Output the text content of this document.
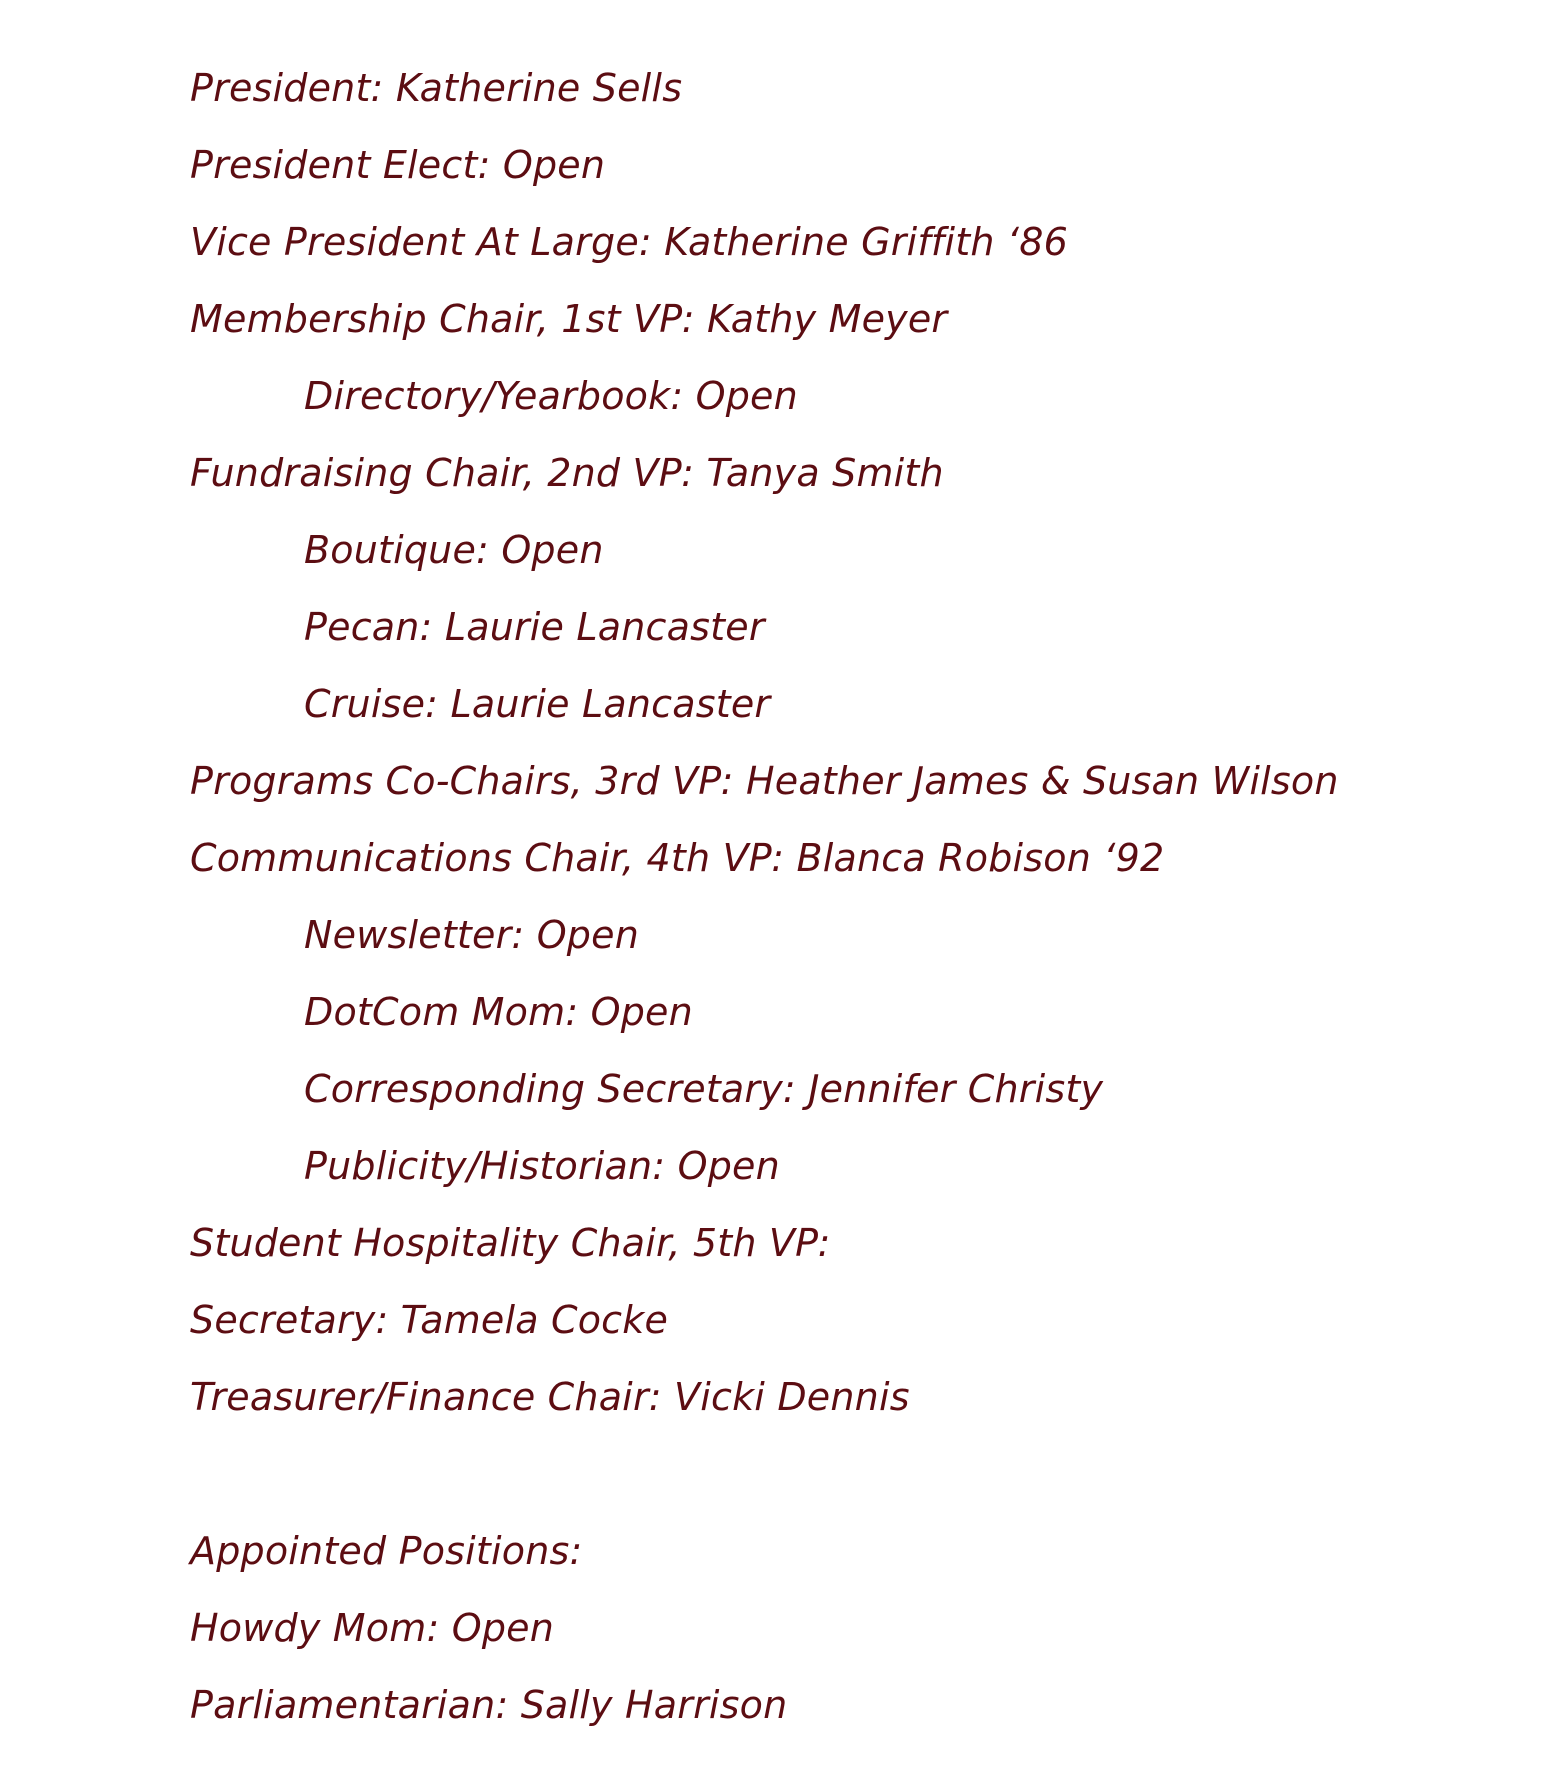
President: Katherine Sells
President Elect: Open
Vice President At Large: Katherine Griffith ‘86
Membership Chair, 1st VP: Kathy Meyer
Directory/Yearbook: Open
Fundraising Chair, 2nd VP: Tanya Smith
Boutique: Open
Pecan: Laurie Lancaster
Cruise: Laurie Lancaster
Programs Co-Chairs, 3rd VP: Heather James & Susan Wilson
Communications Chair, 4th VP: Blanca Robison ‘92
Newsletter: Open
DotCom Mom: Open
Corresponding Secretary: Jennifer Christy
Publicity/Historian: Open
Student Hospitality Chair, 5th VP:
Secretary: Tamela Cocke
Treasurer/Finance Chair: Vicki Dennis
Appointed Positions:
Howdy Mom: Open
Parliamentarian: Sally Harrison
